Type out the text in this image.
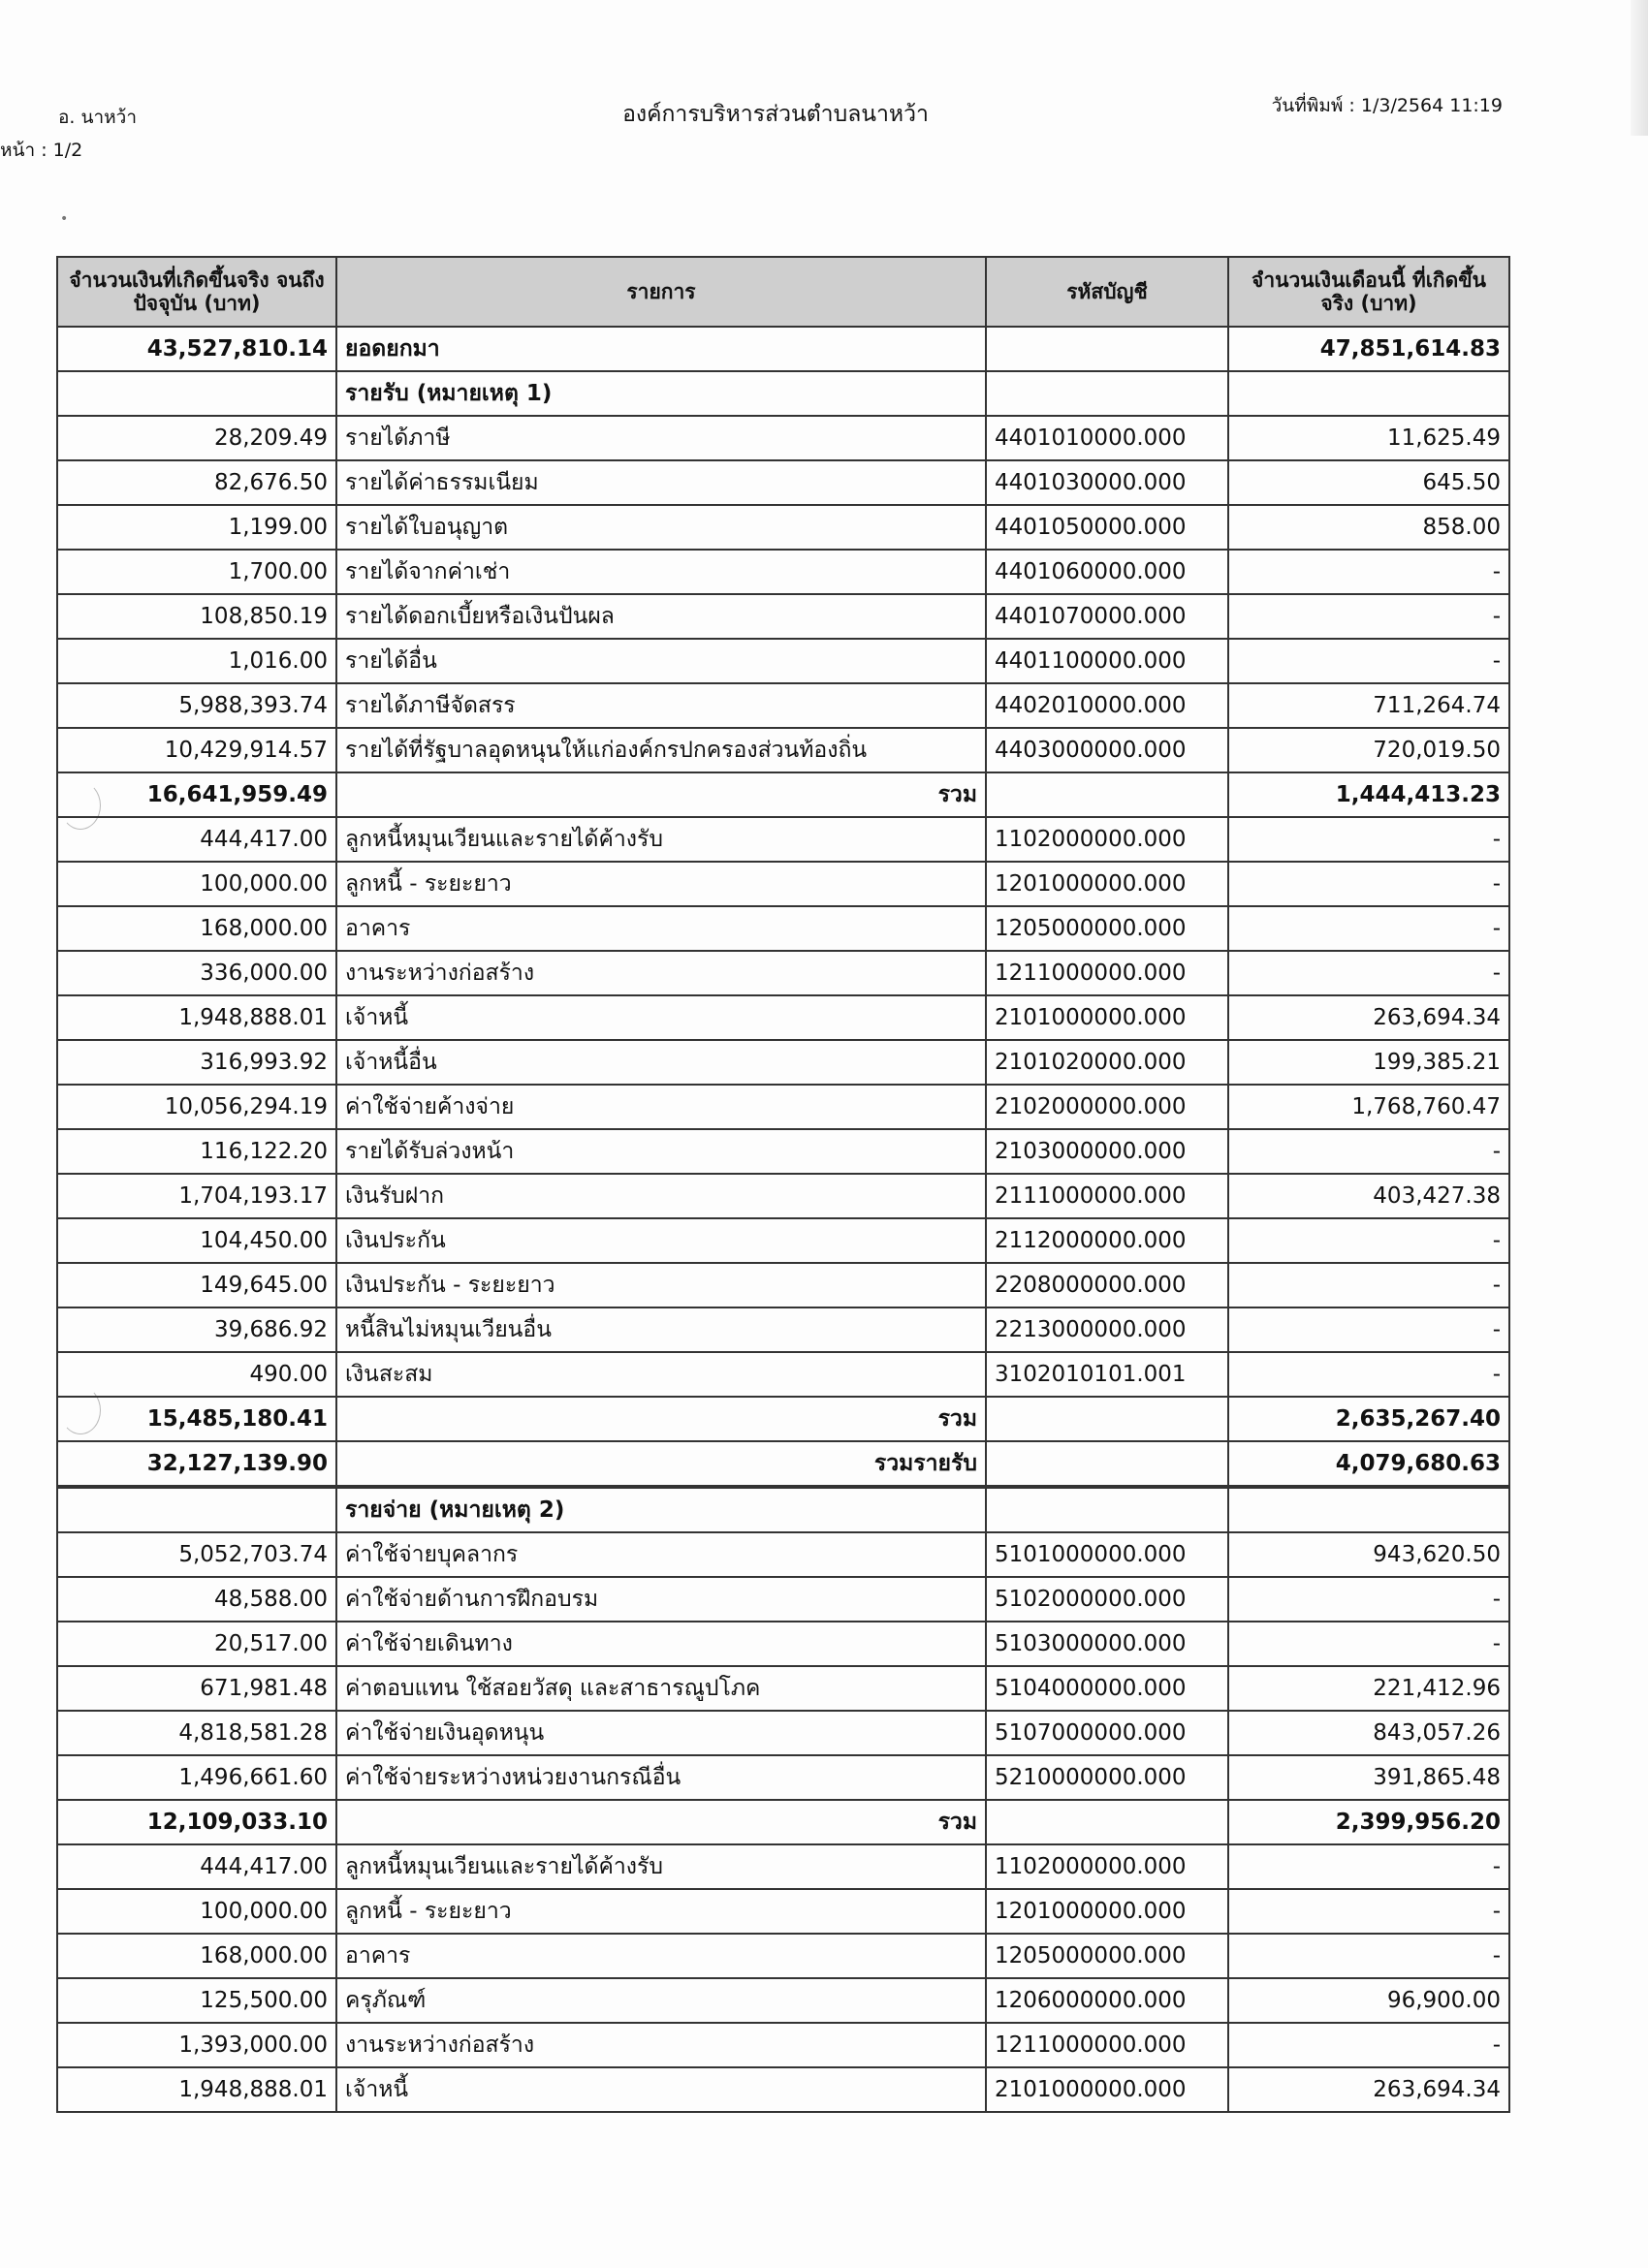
อ. นาหว้า	องค์การบริหารส่วนตำบลนาหว้า	วันที่พิมพ์ : 1/3/2564 11:19
หน้า : 1/2
•
จำนวนเงินที่เกิดขึ้นจริง จนถึงปัจจุบัน (บาท)	รายการ	รหัสบัญชี	จำนวนเงินเดือนนี้ ที่เกิดขึ้นจริง (บาท)
43,527,810.14	ยอดยกมา		47,851,614.83
	รายรับ (หมายเหตุ 1)		
28,209.49	รายได้ภาษี	4401010000.000	11,625.49
82,676.50	รายได้ค่าธรรมเนียม	4401030000.000	645.50
1,199.00	รายได้ใบอนุญาต	4401050000.000	858.00
1,700.00	รายได้จากค่าเช่า	4401060000.000	-
108,850.19	รายได้ดอกเบี้ยหรือเงินปันผล	4401070000.000	-
1,016.00	รายได้อื่น	4401100000.000	-
5,988,393.74	รายได้ภาษีจัดสรร	4402010000.000	711,264.74
10,429,914.57	รายได้ที่รัฐบาลอุดหนุนให้แก่องค์กรปกครองส่วนท้องถิ่น	4403000000.000	720,019.50
16,641,959.49	รวม		1,444,413.23
444,417.00	ลูกหนี้หมุนเวียนและรายได้ค้างรับ	1102000000.000	-
100,000.00	ลูกหนี้ - ระยะยาว	1201000000.000	-
168,000.00	อาคาร	1205000000.000	-
336,000.00	งานระหว่างก่อสร้าง	1211000000.000	-
1,948,888.01	เจ้าหนี้	2101000000.000	263,694.34
316,993.92	เจ้าหนี้อื่น	2101020000.000	199,385.21
10,056,294.19	ค่าใช้จ่ายค้างจ่าย	2102000000.000	1,768,760.47
116,122.20	รายได้รับล่วงหน้า	2103000000.000	-
1,704,193.17	เงินรับฝาก	2111000000.000	403,427.38
104,450.00	เงินประกัน	2112000000.000	-
149,645.00	เงินประกัน - ระยะยาว	2208000000.000	-
39,686.92	หนี้สินไม่หมุนเวียนอื่น	2213000000.000	-
490.00	เงินสะสม	3102010101.001	-
15,485,180.41	รวม		2,635,267.40
32,127,139.90	รวมรายรับ		4,079,680.63
	รายจ่าย (หมายเหตุ 2)		
5,052,703.74	ค่าใช้จ่ายบุคลากร	5101000000.000	943,620.50
48,588.00	ค่าใช้จ่ายด้านการฝึกอบรม	5102000000.000	-
20,517.00	ค่าใช้จ่ายเดินทาง	5103000000.000	-
671,981.48	ค่าตอบแทน ใช้สอยวัสดุ และสาธารณูปโภค	5104000000.000	221,412.96
4,818,581.28	ค่าใช้จ่ายเงินอุดหนุน	5107000000.000	843,057.26
1,496,661.60	ค่าใช้จ่ายระหว่างหน่วยงานกรณีอื่น	5210000000.000	391,865.48
12,109,033.10	รวม		2,399,956.20
444,417.00	ลูกหนี้หมุนเวียนและรายได้ค้างรับ	1102000000.000	-
100,000.00	ลูกหนี้ - ระยะยาว	1201000000.000	-
168,000.00	อาคาร	1205000000.000	-
125,500.00	ครุภัณฑ์	1206000000.000	96,900.00
1,393,000.00	งานระหว่างก่อสร้าง	1211000000.000	-
1,948,888.01	เจ้าหนี้	2101000000.000	263,694.34
